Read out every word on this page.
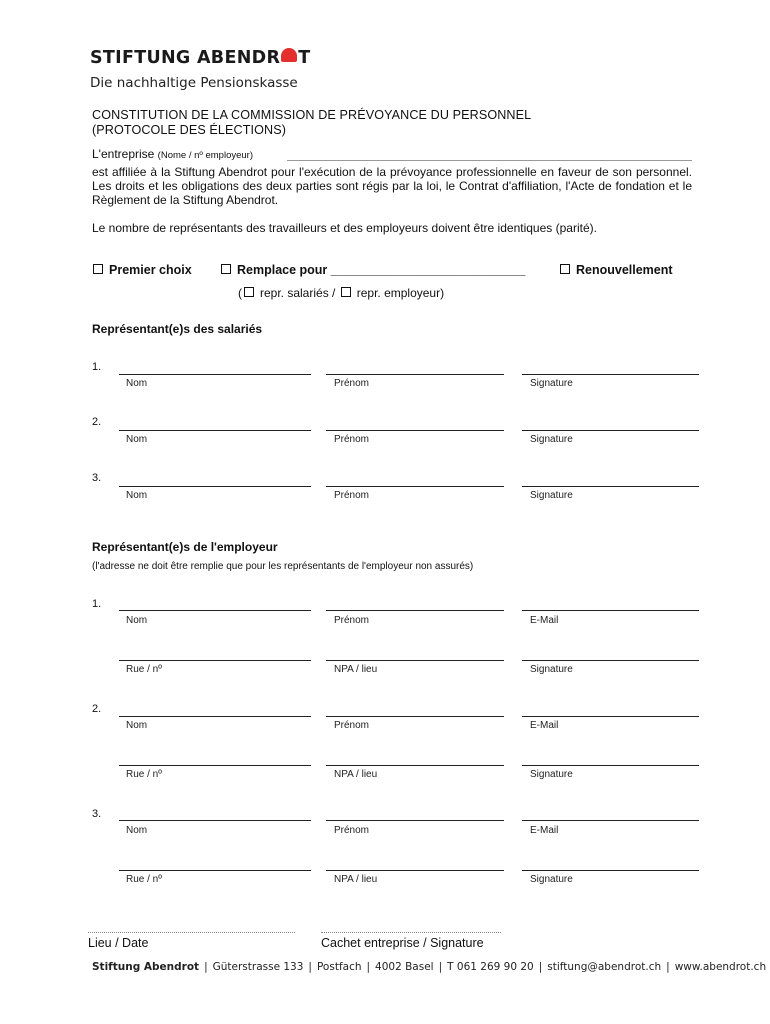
STIFTUNG ABENDR T
Die nachhaltige Pensionskasse
CONSTITUTION DE LA COMMISSION DE PRÉVOYANCE DU PERSONNEL
(PROTOCOLE DES ÉLECTIONS)
L'entreprise (Nome / nº employeur)
est affiliée à la Stiftung Abendrot pour l'exécution de la prévoyance professionnelle en faveur de son personnel. Les droits et les obligations des deux parties sont régis par la loi, le Contrat d'affiliation, l'Acte de fondation et le Règlement de la Stiftung Abendrot.
Le nombre de représentants des travailleurs et des employeurs doivent être identiques (parité).
Premier choix	Remplace pour ____________________________	Renouvellement
( repr. salariés / repr. employeur)
Représentant(e)s des salariés
1.
Nom	Prénom	Signature
2.
Nom	Prénom	Signature
3.
Nom	Prénom	Signature
Représentant(e)s de l'employeur
(l'adresse ne doit être remplie que pour les représentants de l'employeur non assurés)
1.
Nom	Prénom	E-Mail
Rue / nº	NPA / lieu	Signature
2.
Nom	Prénom	E-Mail
Rue / nº	NPA / lieu	Signature
3.
Nom	Prénom	E-Mail
Rue / nº	NPA / lieu	Signature
Lieu / Date	Cachet entreprise / Signature
Stiftung Abendrot | Güterstrasse 133 | Postfach | 4002 Basel | T 061 269 90 20 | stiftung@abendrot.ch | www.abendrot.ch
